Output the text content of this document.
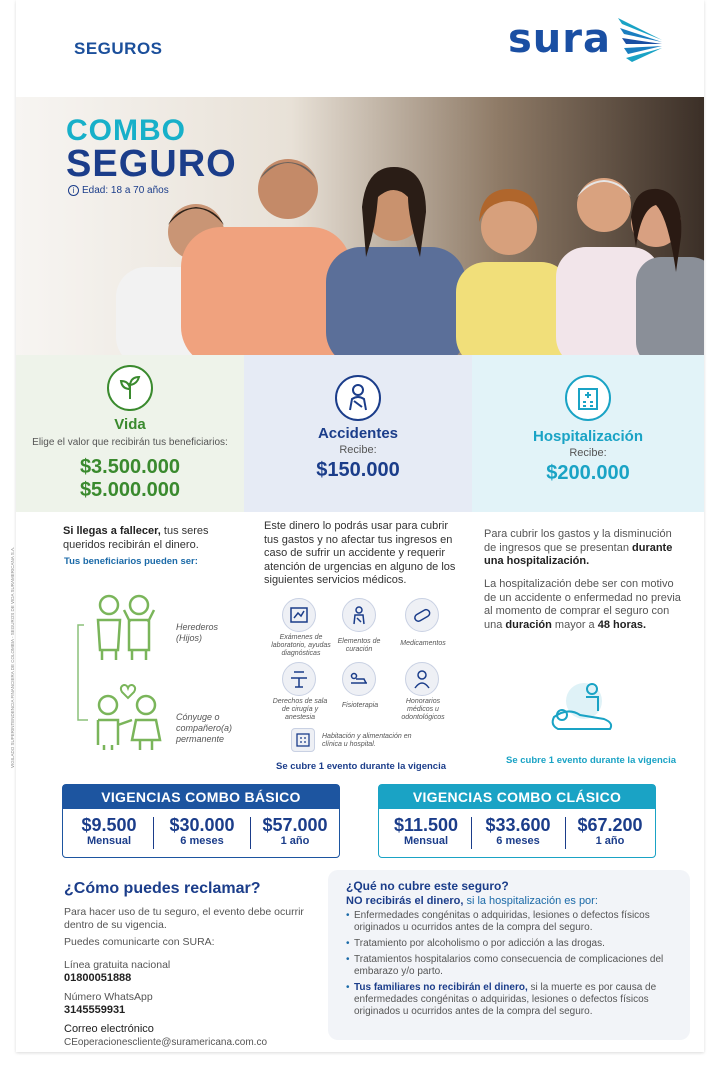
SEGUROS	sura
COMBO
SEGURO
i Edad: 18 a 70 años
Vida
Elige el valor que recibirán tus beneficiarios:
$3.500.000
$5.000.000
Accidentes
Recibe:
$150.000
Hospitalización
Recibe:
$200.000
VIGILADO SUPERINTENDENCIA FINANCIERA DE COLOMBIA - SEGUROS DE VIDA SURAMERICANA S.A.
Si llegas a fallecer, tus seres queridos recibirán el dinero.
Tus beneficiarios pueden ser:
Herederos (Hijos)
Cónyuge o compañero(a) permanente
Este dinero lo podrás usar para cubrir tus gastos y no afectar tus ingresos en caso de sufrir un accidente y requerir atención de urgencias en alguno de los siguientes servicios médicos.
Exámenes de laboratorio, ayudas diagnósticas
Elementos de curación
Medicamentos
Derechos de sala de cirugía y anestesia
Fisioterapia
Honorarios médicos u odontológicos
Habitación y alimentación en clínica u hospital.
Se cubre 1 evento durante la vigencia
Para cubrir los gastos y la disminución de ingresos que se presentan durante una hospitalización.
La hospitalización debe ser con motivo de un accidente o enfermedad no previa al momento de comprar el seguro con una duración mayor a 48 horas.
Se cubre 1 evento durante la vigencia
VIGENCIAS COMBO BÁSICO
$9.500
Mensual
$30.000
6 meses
$57.000
1 año
VIGENCIAS COMBO CLÁSICO
$11.500
Mensual
$33.600
6 meses
$67.200
1 año
¿Cómo puedes reclamar?

Para hacer uso de tu seguro, el evento debe ocurrir dentro de su vigencia.

Puedes comunicarte con SURA:

Línea gratuita nacional

01800051888

Número WhatsApp

3145559931

Correo electrónico

CEoperacionescliente@suramericana.com.co

¿Qué no cubre este seguro?
NO recibirás el dinero, si la hospitalización es por:
• Enfermedades congénitas o adquiridas, lesiones o defectos físicos originados u ocurridos antes de la compra del seguro.
• Tratamiento por alcoholismo o por adicción a las drogas.
• Tratamientos hospitalarios como consecuencia de complicaciones del embarazo y/o parto.
• Tus familiares no recibirán el dinero, si la muerte es por causa de enfermedades congénitas o adquiridas, lesiones o defectos físicos originados u ocurridos antes de la compra del seguro.
